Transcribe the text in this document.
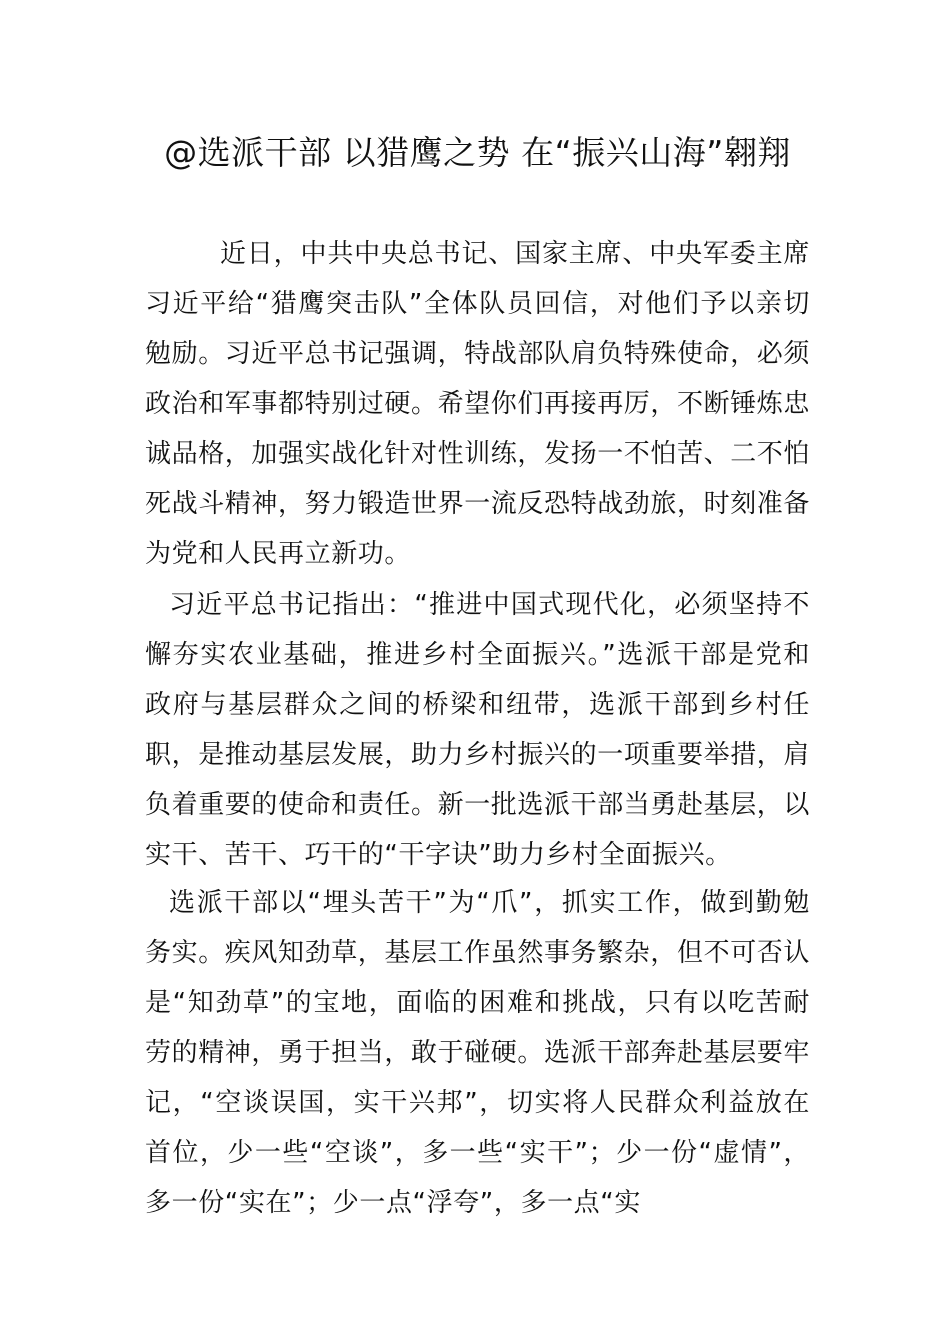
@选派干部 以猎鹰之势 在“振兴山海”翱翔

近日，中共中央总书记、国家主席、中央军委主席习近平给“猎鹰突击队”全体队员回信，对他们予以亲切勉励。习近平总书记强调，特战部队肩负特殊使命，必须政治和军事都特别过硬。希望你们再接再厉，不断锤炼忠诚品格，加强实战化针对性训练，发扬一不怕苦、二不怕死战斗精神，努力锻造世界一流反恐特战劲旅，时刻准备为党和人民再立新功。

习近平总书记指出：“推进中国式现代化，必须坚持不懈夯实农业基础，推进乡村全面振兴。”选派干部是党和政府与基层群众之间的桥梁和纽带，选派干部到乡村任职，是推动基层发展，助力乡村振兴的一项重要举措，肩负着重要的使命和责任。新一批选派干部当勇赴基层，以实干、苦干、巧干的“干字诀”助力乡村全面振兴。

选派干部以“埋头苦干”为“爪”，抓实工作，做到勤勉务实。疾风知劲草，基层工作虽然事务繁杂，但不可否认是“知劲草”的宝地，面临的困难和挑战，只有以吃苦耐劳的精神，勇于担当，敢于碰硬。选派干部奔赴基层要牢记，“空谈误国，实干兴邦”，切实将人民群众利益放在首位，少一些“空谈”，多一些“实干”；少一份“虚情”，多一份“实在”；少一点“浮夸”，多一点“实
